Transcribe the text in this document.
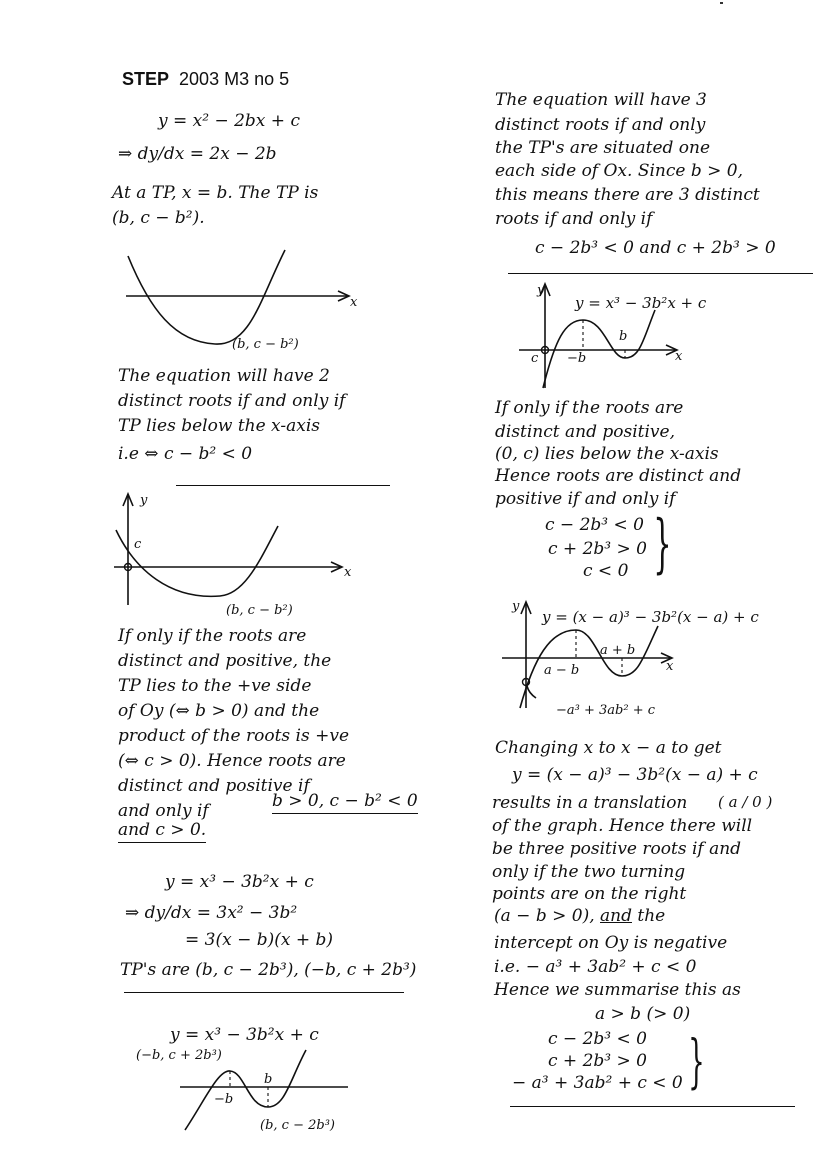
STEP 2003 M3 no 5
y = x² − 2bx + c
⇒ dy/dx = 2x − 2b
At a TP, x = b. The TP is
(b, c − b²).
x
(b, c − b²)
The equation will have 2
distinct roots if and only if
TP lies below the x-axis
i.e ⇔ c − b² < 0
y
c
x
(b, c − b²)
If only if the roots are
distinct and positive, the
TP lies to the +ve side
of Oy (⇔ b > 0) and the
product of the roots is +ve
(⇔ c > 0). Hence roots are
distinct and positive if
and only if	b > 0, c − b² < 0
and c > 0.
y = x³ − 3b²x + c
⇒ dy/dx = 3x² − 3b²
= 3(x − b)(x + b)
TP's are (b, c − 2b³), (−b, c + 2b³)
y = x³ − 3b²x + c
(−b, c + 2b³)
b
−b
(b, c − 2b³)
The equation will have 3
distinct roots if and only
the TP's are situated one
each side of Ox. Since b > 0,
this means there are 3 distinct
roots if and only if
c − 2b³ < 0 and c + 2b³ > 0
y
y = x³ − 3b²x + c
c −b
b
x
If only if the roots are
distinct and positive,
(0, c) lies below the x-axis
Hence roots are distinct and
positive if and only if
c − 2b³ < 0
c + 2b³ > 0
c < 0 }
y
y = (x − a)³ − 3b²(x − a) + c
a + b
a − b	x
−a³ + 3ab² + c
Changing x to x − a to get
y = (x − a)³ − 3b²(x − a) + c
results in a translation ( a / 0 )
of the graph. Hence there will
be three positive roots if and
only if the two turning
points are on the right
(a − b > 0), and the
intercept on Oy is negative
i.e. − a³ + 3ab² + c < 0
Hence we summarise this as
a > b (> 0)
c − 2b³ < 0
c + 2b³ > 0
− a³ + 3ab² + c < 0 }
